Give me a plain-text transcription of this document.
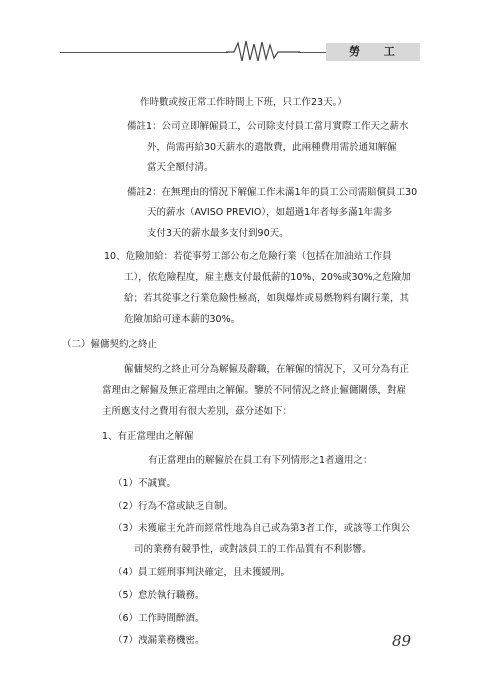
勞 工
作時數或按正常工作時間上下班，只工作23天。）
備註1：公司立即解僱員工，公司除支付員工當月實際工作天之薪水
外，尚需再給30天薪水的遣散費，此兩種費用需於通知解僱
當天全額付清。
備註2：在無理由的情況下解僱工作未滿1年的員工公司需賠償員工30
天的薪水（AVISO PREVIO），如超過1年者每多滿1年需多
支付3天的薪水最多支付到90天。
10、危險加給：若從事勞工部公布之危險行業（包括在加油站工作員
工），依危險程度，雇主應支付最低薪的10%、20%或30%之危險加
給；若其從事之行業危險性極高，如與爆炸或易燃物料有關行業，其
危險加給可達本薪的30%。
（二）僱傭契約之終止
僱傭契約之終止可分為解僱及辭職，在解僱的情況下，又可分為有正
當理由之解僱及無正當理由之解僱。鑒於不同情況之終止僱傭關係，對雇
主所應支付之費用有很大差別，茲分述如下：
1、有正當理由之解僱
有正當理由的解僱於在員工有下列情形之1者適用之：
（1）不誠實。
（2）行為不當或缺乏自制。
（3）未獲雇主允許而經常性地為自己或為第3者工作，或該等工作與公
司的業務有競爭性，或對該員工的工作品質有不利影響。
（4）員工經刑事判決確定，且未獲緩刑。
（5）怠於執行職務。
（6）工作時間醉酒。
（7）洩漏業務機密。	89
